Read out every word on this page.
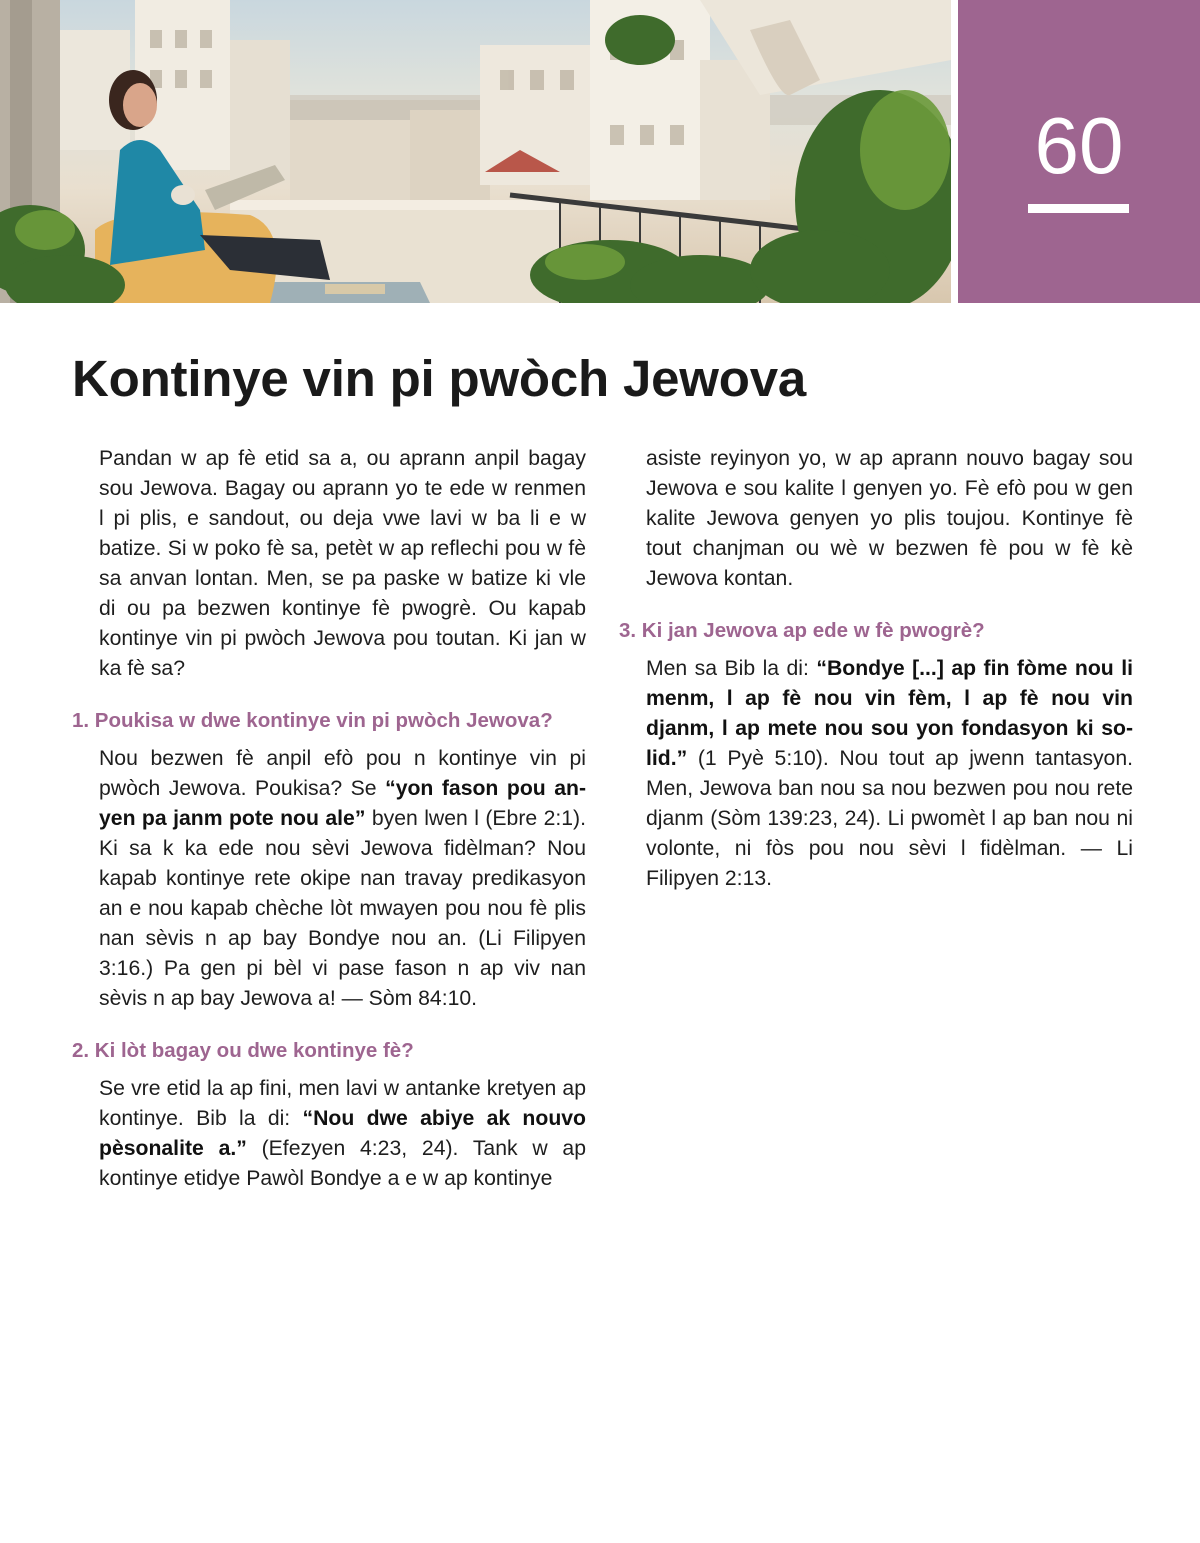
60
Kontinye vin pi pwòch Jewova

Pandan w ap fè etid sa a, ou aprann anpil bagay sou Jewova. Bagay ou aprann yo te ede w renmen l pi plis, e sandout, ou deja vwe lavi w ba li e w batize. Si w poko fè sa, petèt w ap reflechi pou w fè sa anvan lontan. Men, se pa paske w batize ki vle di ou pa bezwen kontinye fè pwogrè. Ou kapab kontinye vin pi pwòch Jewova pou toutan. Ki jan w ka fè sa?

1. Poukisa w dwe kontinye vin pi pwòch Jewova?

Nou bezwen fè anpil efò pou n kontinye vin pi pwòch Jewova. Poukisa? Se “yon fason pou anyen pa janm pote nou ale” byen lwen l (Ebre 2:1). Ki sa k ka ede nou sèvi Jewova fidèlman? Nou kapab kontinye rete okipe nan travay predikasyon an e nou kapab chèche lòt mwayen pou nou fè plis nan sèvis n ap bay Bondye nou an. (Li Filipyen 3:16.) Pa gen pi bèl vi pase fason n ap viv nan sèvis n ap bay Jewova a! — Sòm 84:10.

2. Ki lòt bagay ou dwe kontinye fè?

Se vre etid la ap fini, men lavi w antanke kretyen ap kontinye. Bib la di: “Nou dwe abiye ak nouvo pèsonalite a.” (Efezyen 4:23, 24). Tank w ap kontinye etidye Pawòl Bondye a e w ap kontinye

asiste reyinyon yo, w ap aprann nouvo bagay sou Jewova e sou kalite l genyen yo. Fè efò pou w gen kalite Jewova genyen yo plis toujou. Kontinye fè tout chanjman ou wè w bezwen fè pou w fè kè Jewova kontan.

3. Ki jan Jewova ap ede w fè pwogrè?

Men sa Bib la di: “Bondye [...] ap fin fòme nou li menm, l ap fè nou vin fèm, l ap fè nou vin djanm, l ap mete nou sou yon fondasyon ki solid.” (1 Pyè 5:10). Nou tout ap jwenn tantasyon. Men, Jewova ban nou sa nou bezwen pou nou rete djanm (Sòm 139:23, 24). Li pwomèt l ap ban nou ni volonte, ni fòs pou nou sèvi l fidèlman. — Li Filipyen 2:13.
